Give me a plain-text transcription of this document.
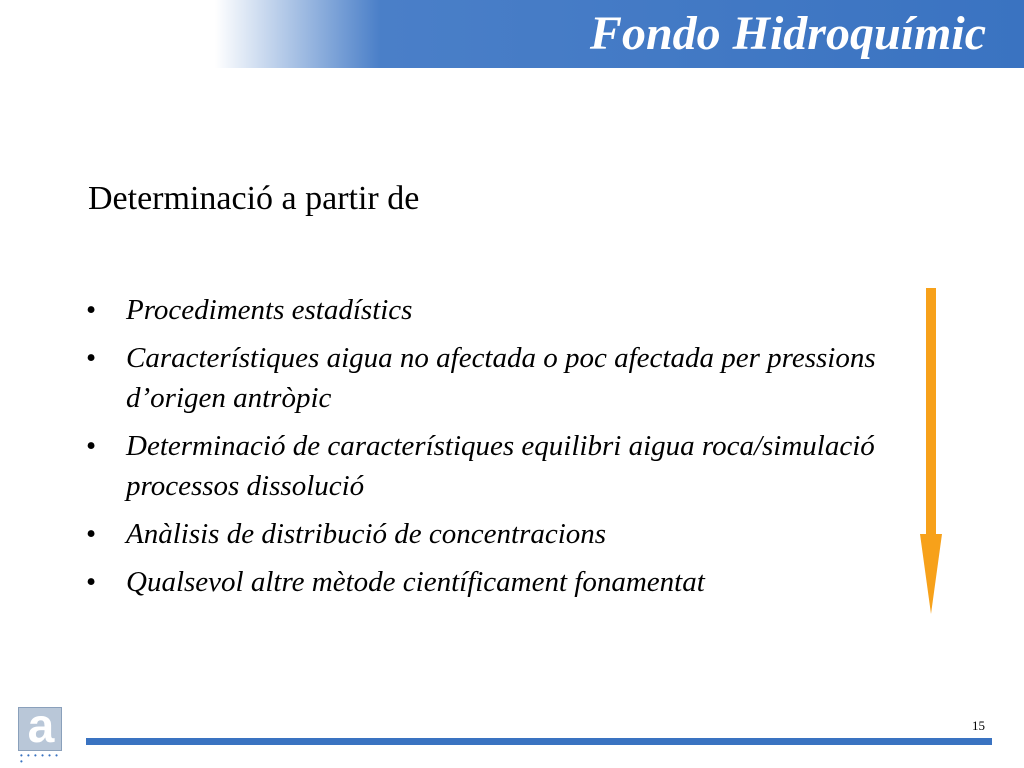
Fondo Hidroquímic
Determinació a partir de
• Procediments estadístics
• Característiques aigua no afectada o poc afectada per pressions d’origen antròpic
• Determinació de característiques equilibri aigua roca/simulació processos dissolució
• Anàlisis de distribució de concentracions
• Qualsevol altre mètode científicament fonamentat
a
• • • • • • •
15
